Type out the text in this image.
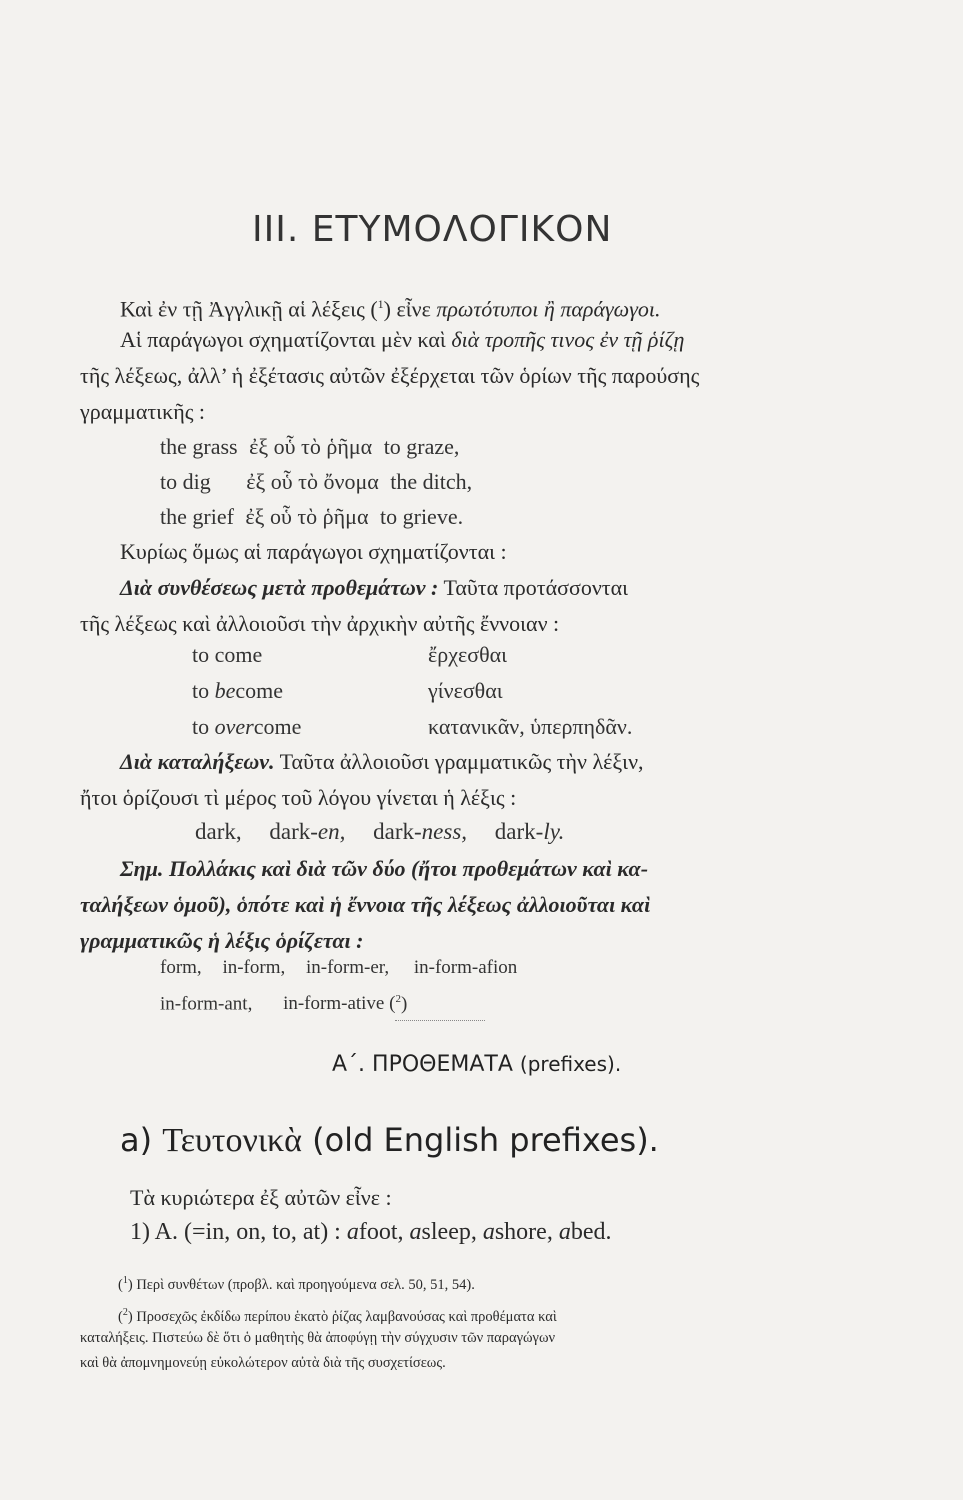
III. ΕΤΥΜΟΛΟΓΙΚΟΝ
Καὶ ἐν τῇ Ἀγγλικῇ αἱ λέξεις ($^1$) εἶνε πρωτότυποι ἢ παράγωγοι.
Αἱ παράγωγοι σχηματίζονται μὲν καὶ διὰ τροπῆς τινος ἐν τῇ ῥίζῃ
τῆς λέξεως, ἀλλ’ ἡ ἐξέτασις αὐτῶν ἐξέρχεται τῶν ὁρίων τῆς παρούσης
γραμματικῆς :
the grass ἐξ οὗ τὸ ῥῆμα to graze,
to dig ἐξ οὗ τὸ ὄνομα the ditch,
the grief ἐξ οὗ τὸ ῥῆμα to grieve.
Κυρίως ὅμως αἱ παράγωγοι σχηματίζονται :
Διὰ συνθέσεως μετὰ προθεμάτων : Ταῦτα προτάσσονται
τῆς λέξεως καὶ ἀλλοιοῦσι τὴν ἀρχικὴν αὐτῆς ἔννοιαν :
to come	ἔρχεσθαι
to become	γίνεσθαι
to overcome	κατανικᾶν, ὑπερπηδᾶν.
Διὰ καταλήξεων. Ταῦτα ἀλλοιοῦσι γραμματικῶς τὴν λέξιν,
ἤτοι ὁρίζουσι τὶ μέρος τοῦ λόγου γίνεται ἡ λέξις :
dark, dark-en, dark-ness, dark-ly.
Σημ. Πολλάκις καὶ διὰ τῶν δύο (ἤτοι προθεμάτων καὶ κα-
ταλήξεων ὁμοῦ), ὁπότε καὶ ἡ ἔννοια τῆς λέξεως ἀλλοιοῦται καὶ
γραμματικῶς ἡ λέξις ὁρίζεται :
form, in-form, in-form-er, in-form-afion
in-form-ant, in-form-ative ($^2$)
Α΄. ΠΡΟΘΕΜΑΤΑ (prefixes).
a) Τευτονικὰ (old English prefixes).
Τὰ κυριώτερα ἐξ αὐτῶν εἶνε :
1) A. (=in, on, to, at) : afoot, asleep, ashore, abed.
($^1$) Περὶ συνθέτων (προβλ. καὶ προηγούμενα σελ. 50, 51, 54).
($^2$) Προσεχῶς ἐκδίδω περίπου ἑκατὸ ῥίζας λαμβανούσας καὶ προθέματα καὶ
καταλήξεις. Πιστεύω δὲ ὅτι ὁ μαθητὴς θὰ ἀποφύγῃ τὴν σύγχυσιν τῶν παραγώγων
καὶ θὰ ἀπομνημονεύῃ εὐκολώτερον αὐτὰ διὰ τῆς συσχετίσεως.
